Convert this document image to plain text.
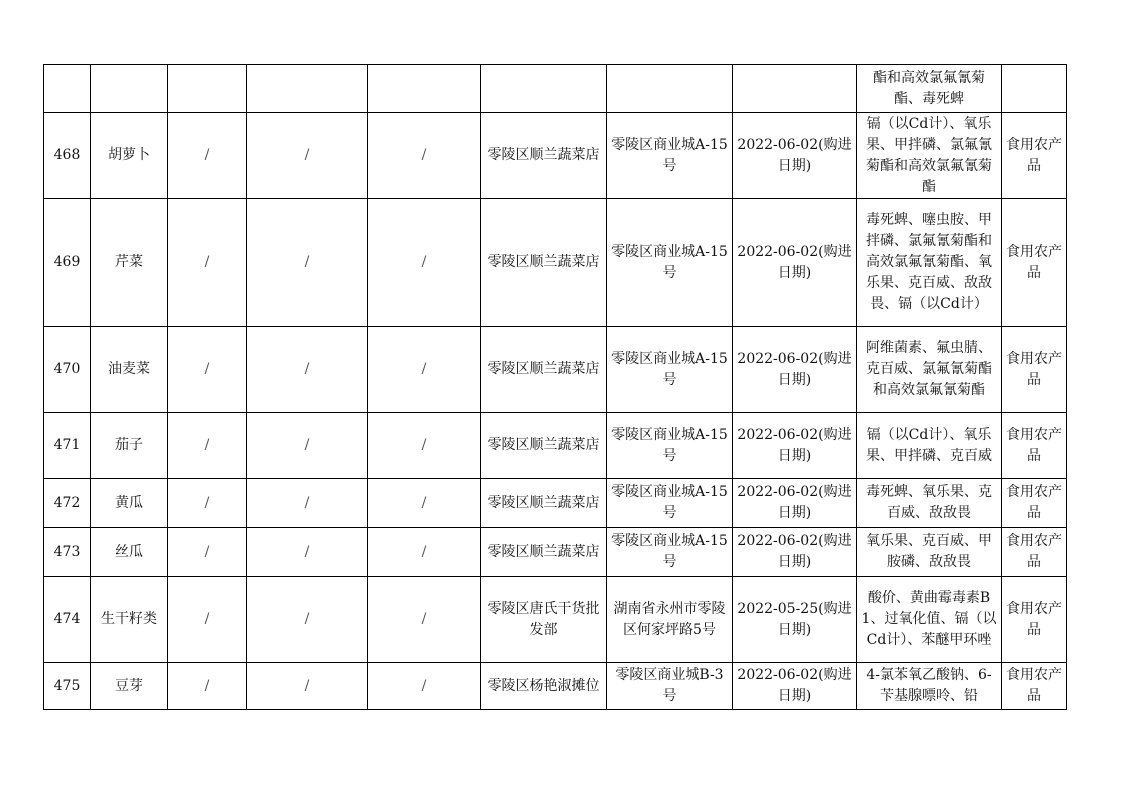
								酯和高效氯氟氰菊酯、毒死蜱	
468	胡萝卜	/	/	/	零陵区顺兰蔬菜店	零陵区商业城A-15号	2022-06-02(购进日期)	镉（以Cd计）、氧乐果、甲拌磷、氯氟氰菊酯和高效氯氟氰菊酯	食用农产品
469	芹菜	/	/	/	零陵区顺兰蔬菜店	零陵区商业城A-15号	2022-06-02(购进日期)	毒死蜱、噻虫胺、甲拌磷、氯氟氰菊酯和高效氯氟氰菊酯、氧乐果、克百威、敌敌畏、镉（以Cd计）	食用农产品
470	油麦菜	/	/	/	零陵区顺兰蔬菜店	零陵区商业城A-15号	2022-06-02(购进日期)	阿维菌素、氟虫腈、克百威、氯氟氰菊酯和高效氯氟氰菊酯	食用农产品
471	茄子	/	/	/	零陵区顺兰蔬菜店	零陵区商业城A-15号	2022-06-02(购进日期)	镉（以Cd计）、氧乐果、甲拌磷、克百威	食用农产品
472	黄瓜	/	/	/	零陵区顺兰蔬菜店	零陵区商业城A-15号	2022-06-02(购进日期)	毒死蜱、氧乐果、克百威、敌敌畏	食用农产品
473	丝瓜	/	/	/	零陵区顺兰蔬菜店	零陵区商业城A-15号	2022-06-02(购进日期)	氧乐果、克百威、甲胺磷、敌敌畏	食用农产品
474	生干籽类	/	/	/	零陵区唐氏干货批发部	湖南省永州市零陵区何家坪路5号	2022-05-25(购进日期)	酸价、黄曲霉毒素B1、过氧化值、镉（以Cd计）、苯醚甲环唑	食用农产品
475	豆芽	/	/	/	零陵区杨艳淑摊位	零陵区商业城B-3号	2022-06-02(购进日期)	4-氯苯氧乙酸钠、6-苄基腺嘌呤、铅	食用农产品
